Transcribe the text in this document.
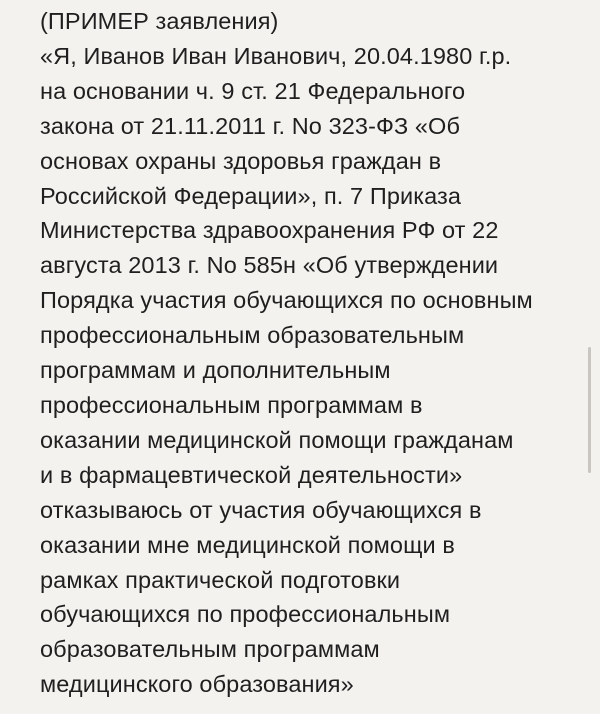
(ПРИМЕР заявления)
«Я, Иванов Иван Иванович, 20.04.1980 г.р.
на основании ч. 9 ст. 21 Федерального
закона от 21.11.2011 г. No 323-ФЗ «Об
основах охраны здоровья граждан в
Российской Федерации», п. 7 Приказа
Министерства здравоохранения РФ от 22
августа 2013 г. No 585н «Об утверждении
Порядка участия обучающихся по основным
профессиональным образовательным
программам и дополнительным
профессиональным программам в
оказании медицинской помощи гражданам
и в фармацевтической деятельности»
отказываюсь от участия обучающихся в
оказании мне медицинской помощи в
рамках практической подготовки
обучающихся по профессиональным
образовательным программам
медицинского образования»
